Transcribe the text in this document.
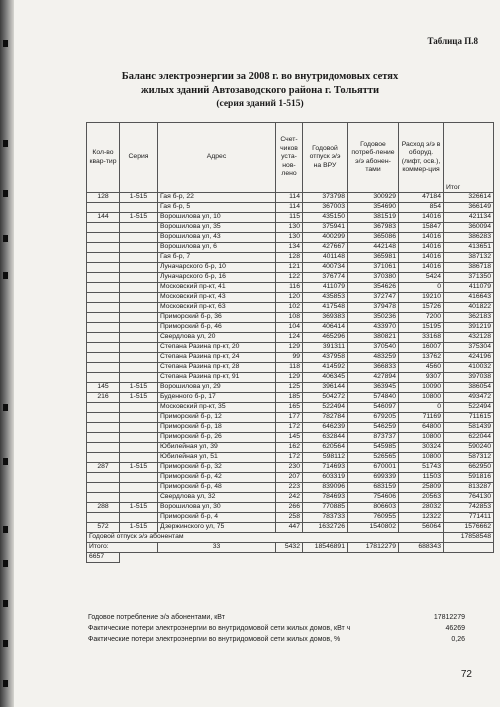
Таблица П.8
Баланс электроэнергии за 2008 г. во внутридомовых сетях
жилых зданий Автозаводского района г. Тольятти
(серия зданий 1-515)
Кол-во квар-тир	Серия	Адрес	Счет-чиков уста-нов-лено	Годовой отпуск э/э на ВРУ	Годовое потреб-ление э/э абонен-тами	Расход э/э в оборуд. (лифт, осв.), коммер-ция	Итог
128	1-515	Гая б-р, 22	114	373798	300929	47184	326614
		Гая б-р, 5	114	367003	354690	854	366149
144	1-515	Ворошилова ул, 10	115	435150	381519	14016	421134
		Ворошилова ул, 35	130	375941	367983	15847	360094
		Ворошилова ул, 43	130	400299	365086	14016	386283
		Ворошилова ул, 6	134	427667	442148	14016	413651
		Гая б-р, 7	128	401148	365981	14016	387132
		Луначарского б-р, 10	121	400734	371061	14016	386718
		Луначарского б-р, 16	122	376774	370380	5424	371350
		Московский пр-кт, 41	116	411079	354626	0	411079
		Московский пр-кт, 43	120	435853	372747	19210	416643
		Московский пр-кт, 63	102	417548	379478	15726	401822
		Приморский б-р, 36	108	369383	350236	7200	362183
		Приморский б-р, 46	104	406414	433970	15195	391219
		Свердлова ул, 20	124	465296	380821	33168	432128
		Степана Разина пр-кт, 20	129	391311	370540	16007	375304
		Степана Разина пр-кт, 24	99	437958	483259	13762	424196
		Степана Разина пр-кт, 28	118	414592	366833	4560	410032
		Степана Разина пр-кт, 91	129	406345	427894	9307	397038
145	1-515	Ворошилова ул, 29	125	396144	363945	10090	386054
216	1-515	Буденного б-р, 17	185	504272	574840	10800	493472
		Московский пр-кт, 35	165	522494	546097	0	522494
		Приморский б-р, 12	177	782784	679205	71169	711615
		Приморский б-р, 18	172	646239	546259	64800	581439
		Приморский б-р, 26	145	632844	873737	10800	622044
		Юбилейная ул, 39	162	620564	545985	30324	590240
		Юбилейная ул, 51	172	598112	526565	10800	587312
287	1-515	Приморский б-р, 32	230	714693	670001	51743	662950
		Приморский б-р, 42	207	603319	699339	11503	591816
		Приморский б-р, 48	223	839096	683159	25809	813287
		Свердлова ул, 32	242	784693	754606	20563	764130
288	1-515	Ворошилова ул, 30	266	770885	806603	28032	742853
		Приморский б-р, 4	258	783733	760955	12322	771411
572	1-515	Дзержинского ул, 75	447	1632726	1540802	56064	1576662
Годовой отпуск э/э абонентам							17858548
Итого:		33	5432	18546891	17812279	688343	
6657							
Годовое потребление э/э абонентами, кВт	17812279
Фактические потери электроэнергии во внутридомовой сети жилых домов, кВт ч	46269
Фактические потери электроэнергии во внутридомовой сети жилых домов, %	0,26
72
